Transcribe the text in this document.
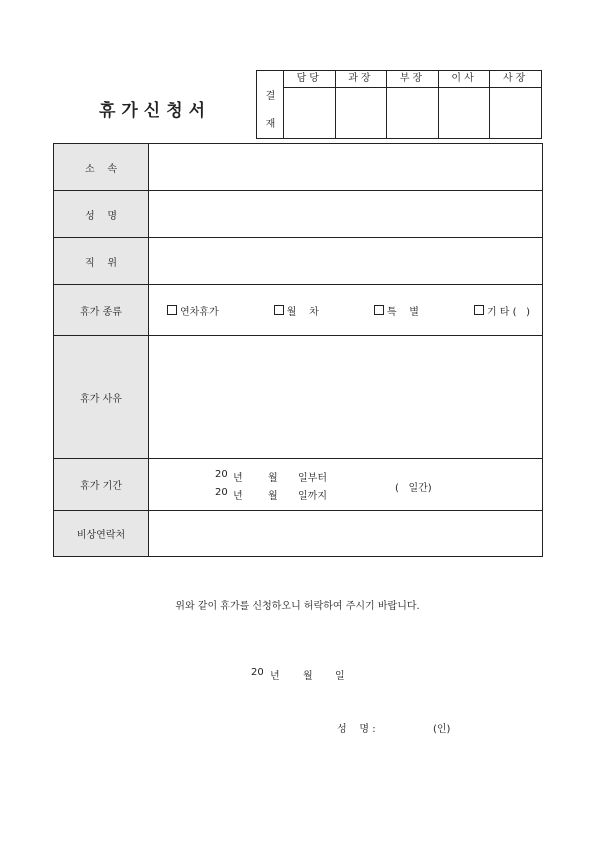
휴가신청서
결
재
담당	과장	부장	이사	사장
소    속
성    명
직    위
휴가 종류	연차휴가	월    차	특    별	기 타 (   )
휴가 사유
휴가 기간
20 년	월 일부터
20 년	월 일까지
(   일간)
비상연락처
위와 같이 휴가를 신청하오니 허락하여 주시기 바랍니다.
20 년 월 일
성    명 :	(인)
